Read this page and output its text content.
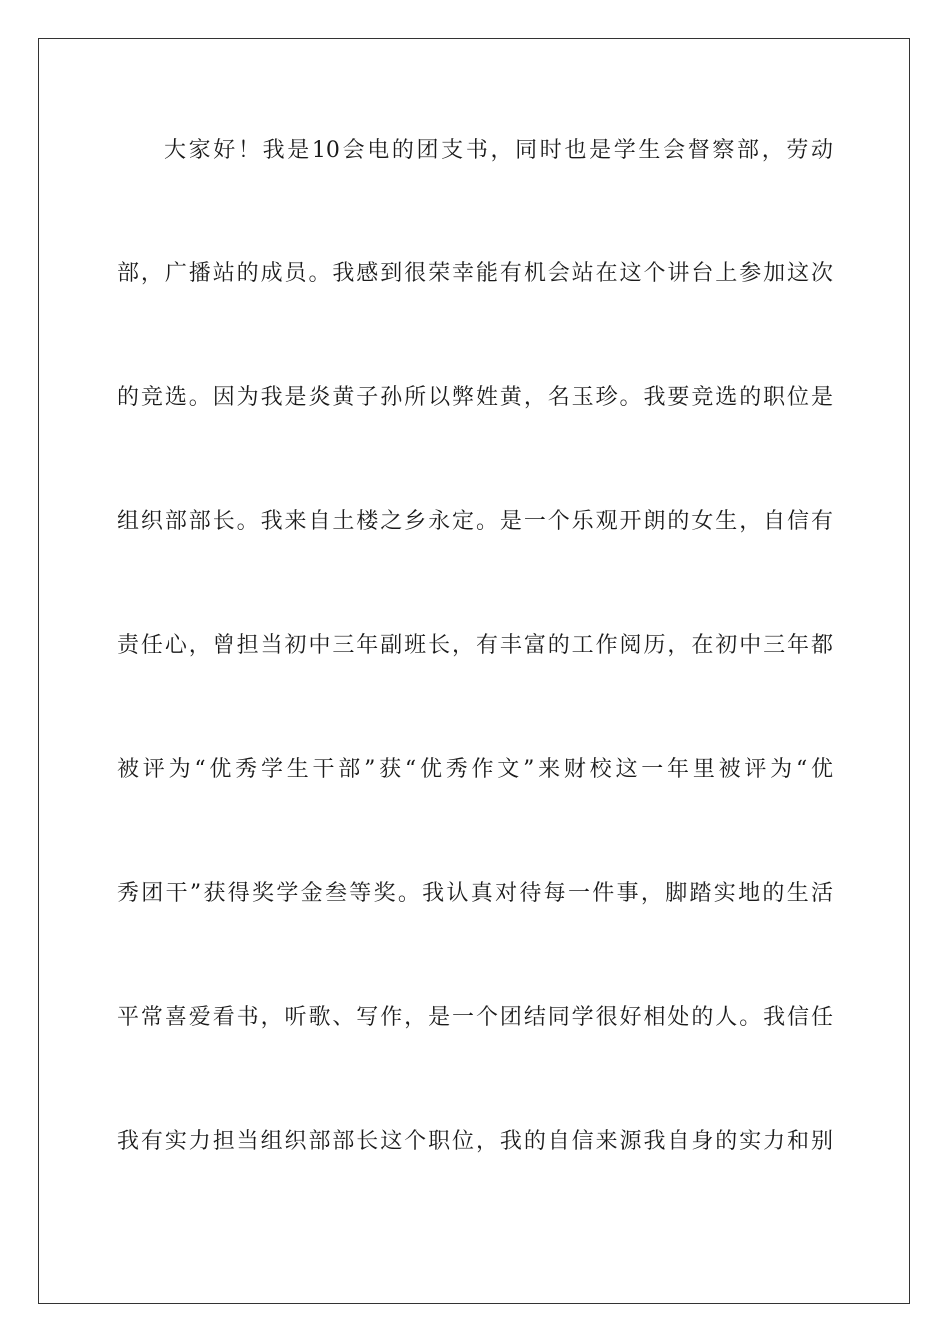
大家好！我是10会电的团支书，同时也是学生会督察部，劳动
部，广播站的成员。我感到很荣幸能有机会站在这个讲台上参加这次
的竞选。因为我是炎黄子孙所以弊姓黄，名玉珍。我要竞选的职位是
组织部部长。我来自土楼之乡永定。是一个乐观开朗的女生，自信有
责任心，曾担当初中三年副班长，有丰富的工作阅历，在初中三年都
被评为“优秀学生干部”获“优秀作文”来财校这一年里被评为“优
秀团干”获得奖学金叁等奖。我认真对待每一件事，脚踏实地的生活
平常喜爱看书，听歌、写作，是一个团结同学很好相处的人。我信任
我有实力担当组织部部长这个职位，我的自信来源我自身的实力和别
